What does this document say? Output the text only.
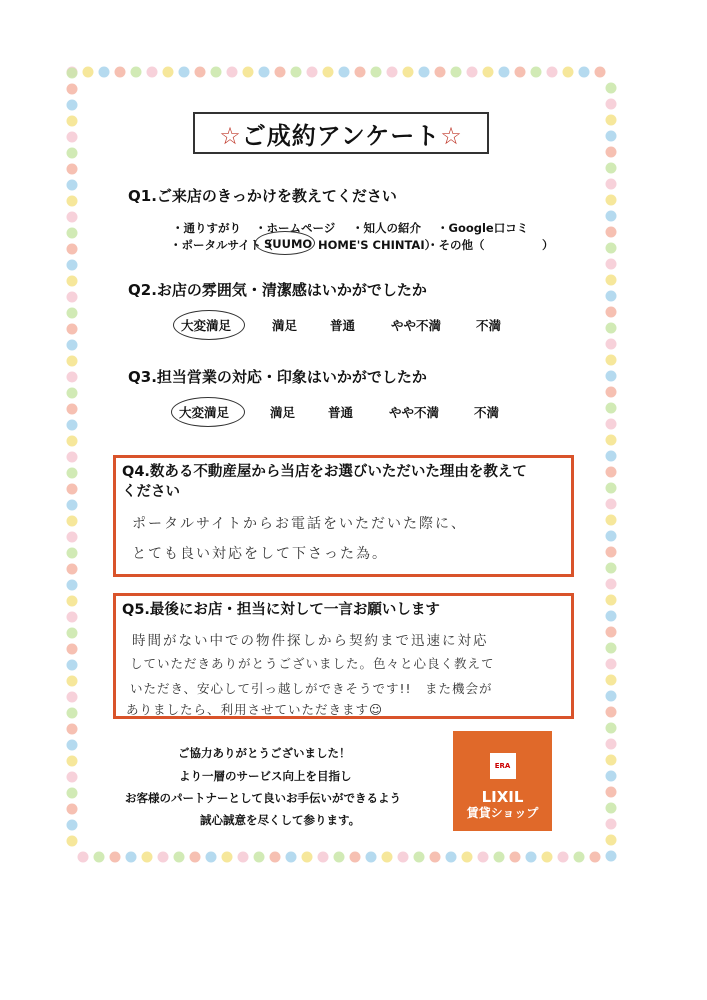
☆ご成約アンケート☆
Q1.ご来店のきっかけを教えてください
・通りすがり ・ホームページ ・知人の紹介 ・Google口コミ
・ポータルサイト（
SUUMO HOME'S CHINTAI）
・その他（　　　　　）
Q2.お店の雰囲気・清潔感はいかがでしたか
大変満足	満足	普通	やや不満	不満
Q3.担当営業の対応・印象はいかがでしたか
大変満足	満足	普通	やや不満	不満
Q4.数ある不動産屋から当店をお選びいただいた理由を教えて
ください
ポータルサイトからお電話をいただいた際に、
とても良い対応をして下さった為。
Q5.最後にお店・担当に対して一言お願いします
時間がない中での物件探しから契約まで迅速に対応
していただきありがとうございました。色々と心良く教えて
いただき、安心して引っ越しができそうです!!　また機会が
ありましたら、利用させていただきます☺
ご協力ありがとうございました！
より一層のサービス向上を目指し
お客様のパートナーとして良いお手伝いができるよう
誠心誠意を尽くして参ります。
ERA
LIXIL
賃貸ショップ
